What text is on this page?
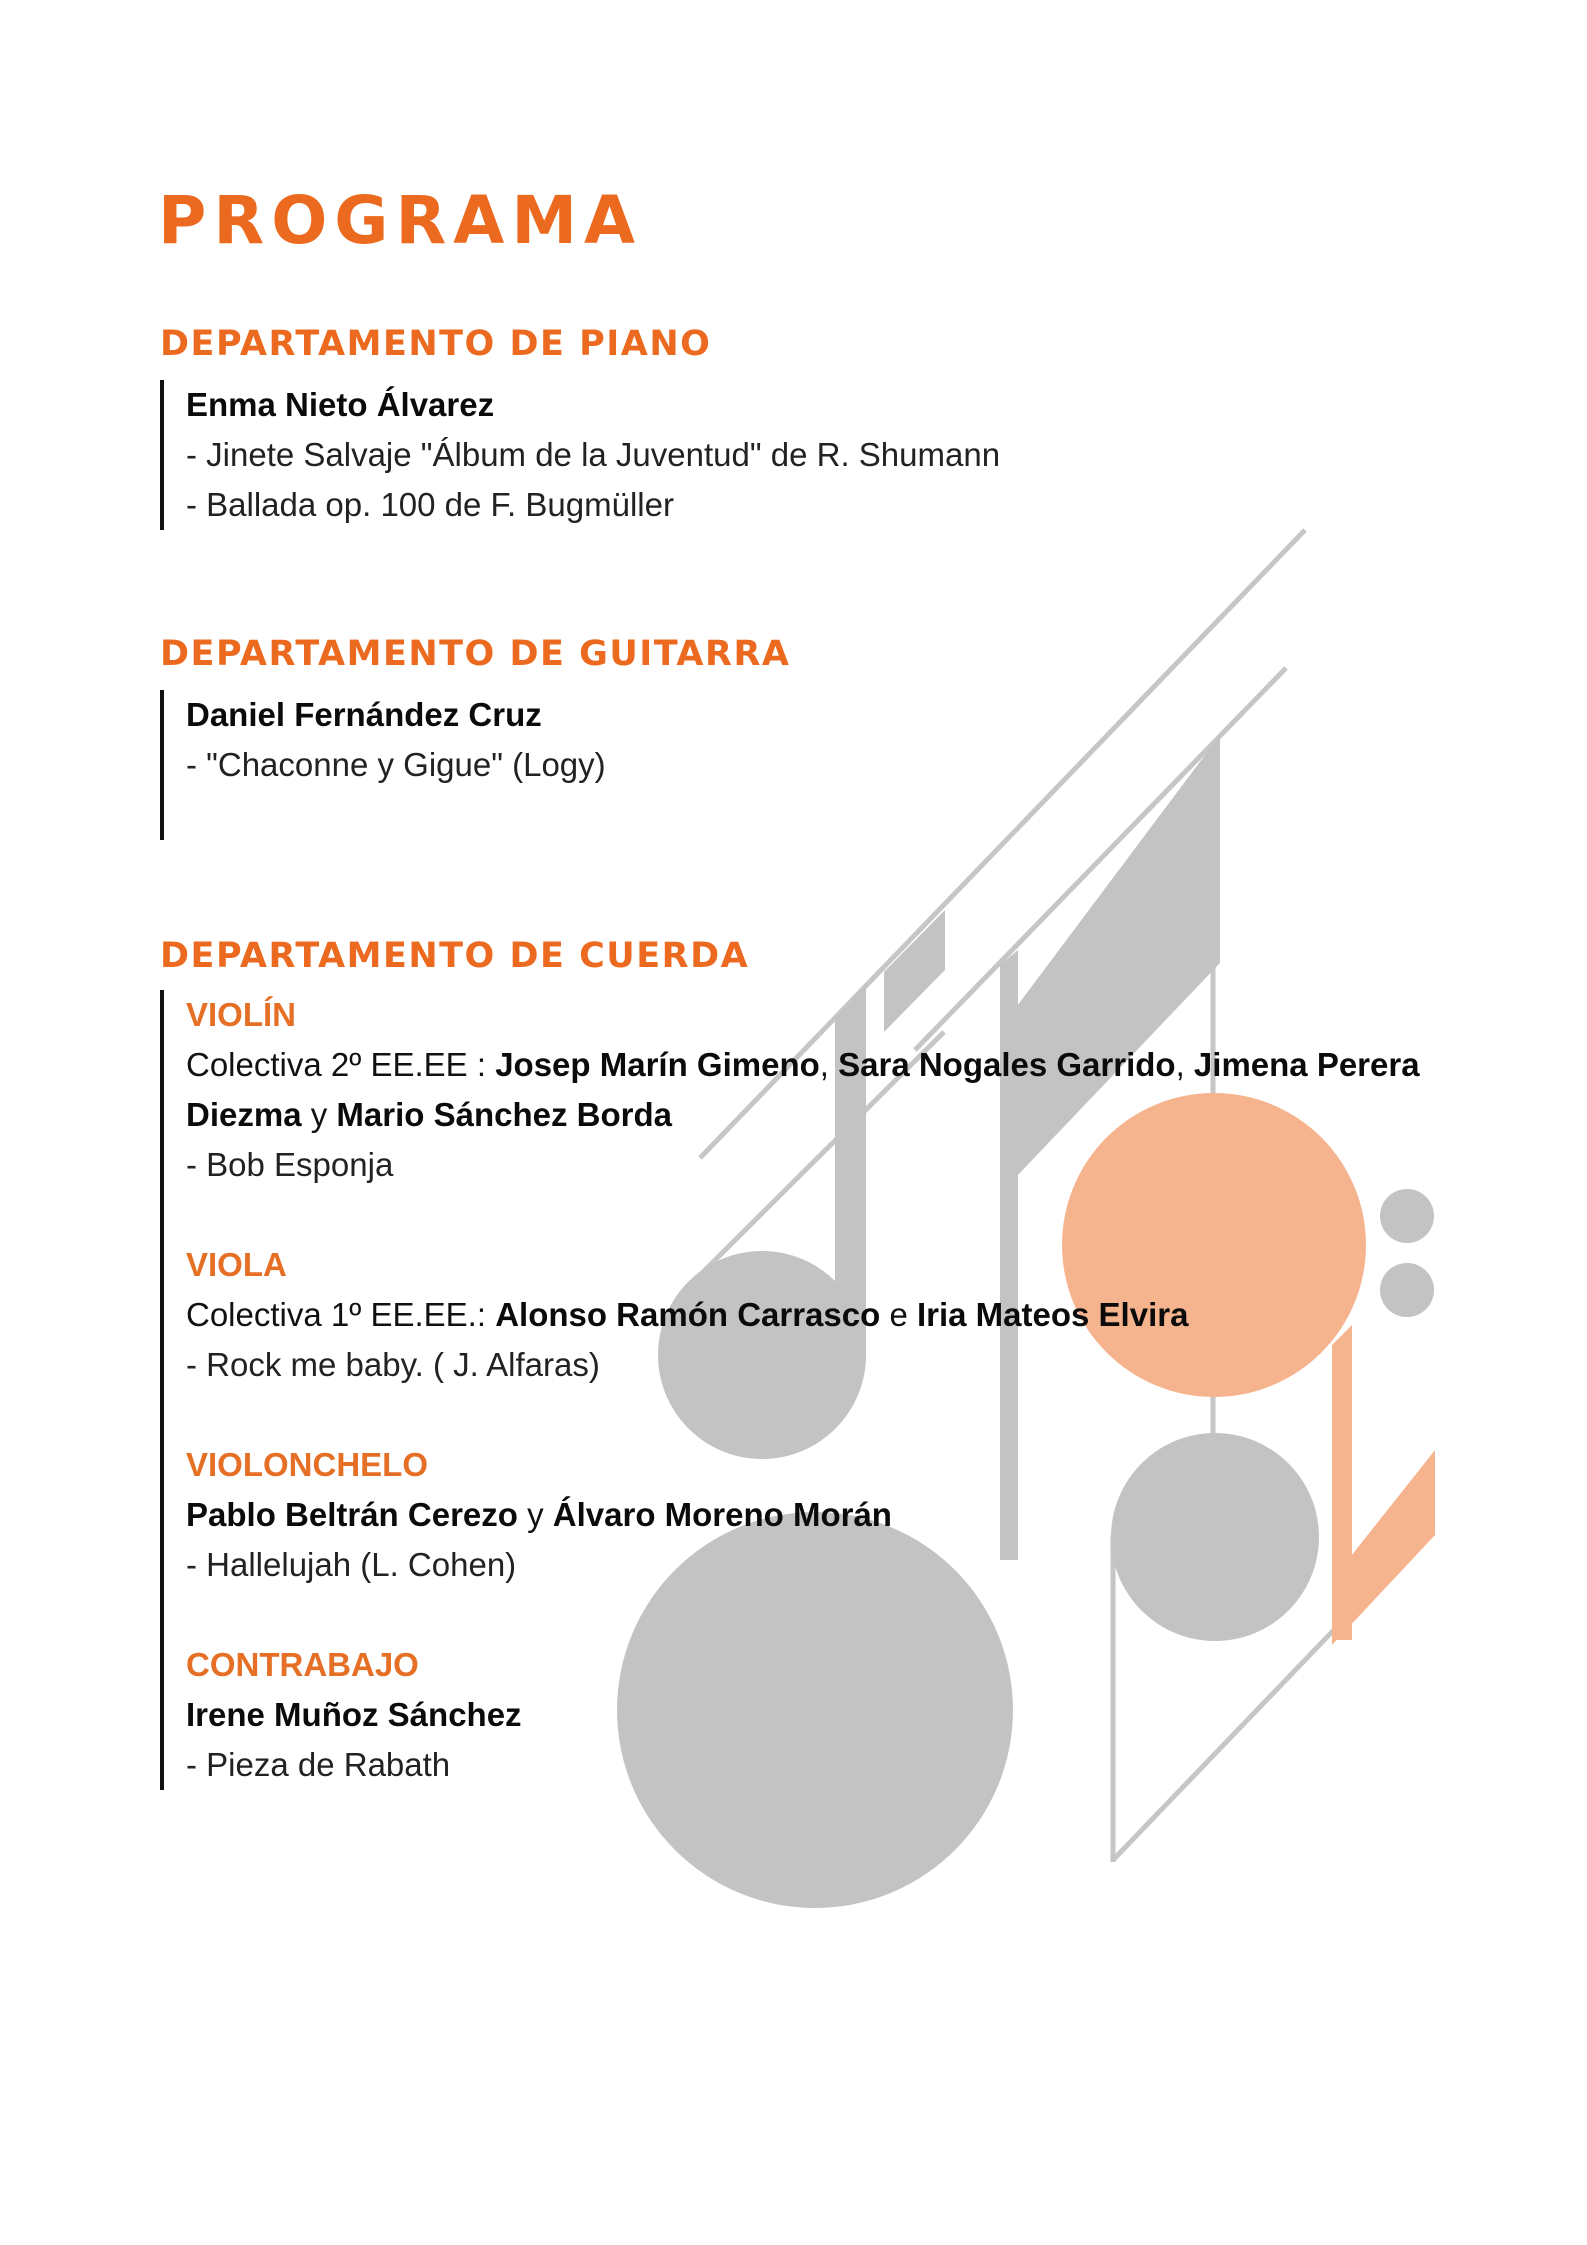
PROGRAMA
DEPARTAMENTO DE PIANO
Enma Nieto Álvarez
- Jinete Salvaje "Álbum de la Juventud" de R. Shumann
- Ballada op. 100 de F. Bugmüller
DEPARTAMENTO DE GUITARRA
Daniel Fernández Cruz
- "Chaconne y Gigue" (Logy)
DEPARTAMENTO DE CUERDA
VIOLÍN
Colectiva 2º EE.EE : Josep Marín Gimeno, Sara Nogales Garrido, Jimena Perera
Diezma y Mario Sánchez Borda
- Bob Esponja
VIOLA
Colectiva 1º EE.EE.: Alonso Ramón Carrasco e Iria Mateos Elvira
- Rock me baby. ( J. Alfaras)
VIOLONCHELO
Pablo Beltrán Cerezo y Álvaro Moreno Morán
- Hallelujah (L. Cohen)
CONTRABAJO
Irene Muñoz Sánchez
- Pieza de Rabath
